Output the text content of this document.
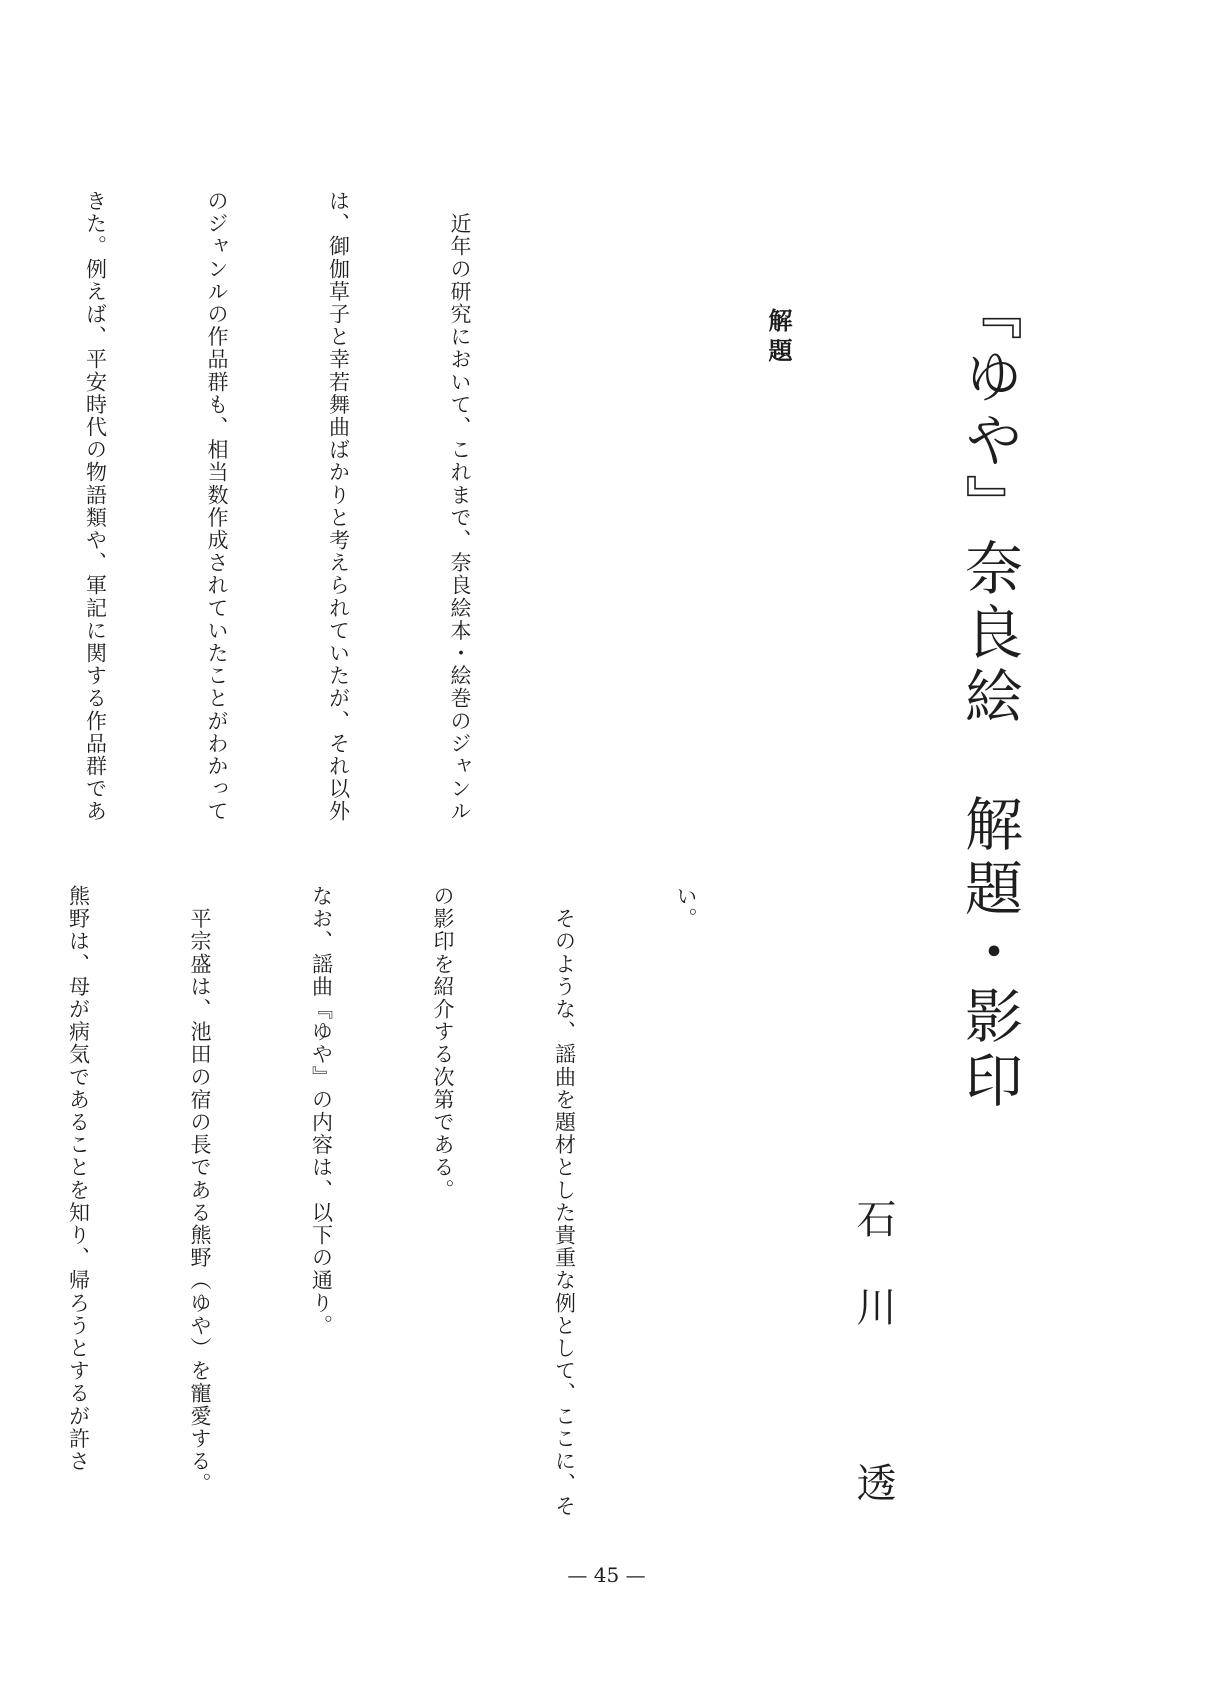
『ゆや』奈良絵　解題・影印
石川　透
解題

　近年の研究において、これまで、奈良絵本・絵巻のジャンル

は、御伽草子と幸若舞曲ばかりと考えられていたが、それ以外

のジャンルの作品群も、相当数作成されていたことがわかって

きた。例えば、平安時代の物語類や、軍記に関する作品群であ

い。

　そのような、謡曲を題材とした貴重な例として、ここに、そ

の影印を紹介する次第である。

なお、謡曲『ゆや』の内容は、以下の通り。

　平宗盛は、池田の宿の長である熊野（ゆや）を寵愛する。

熊野は、母が病気であることを知り、帰ろうとするが許さ

— 45 —
